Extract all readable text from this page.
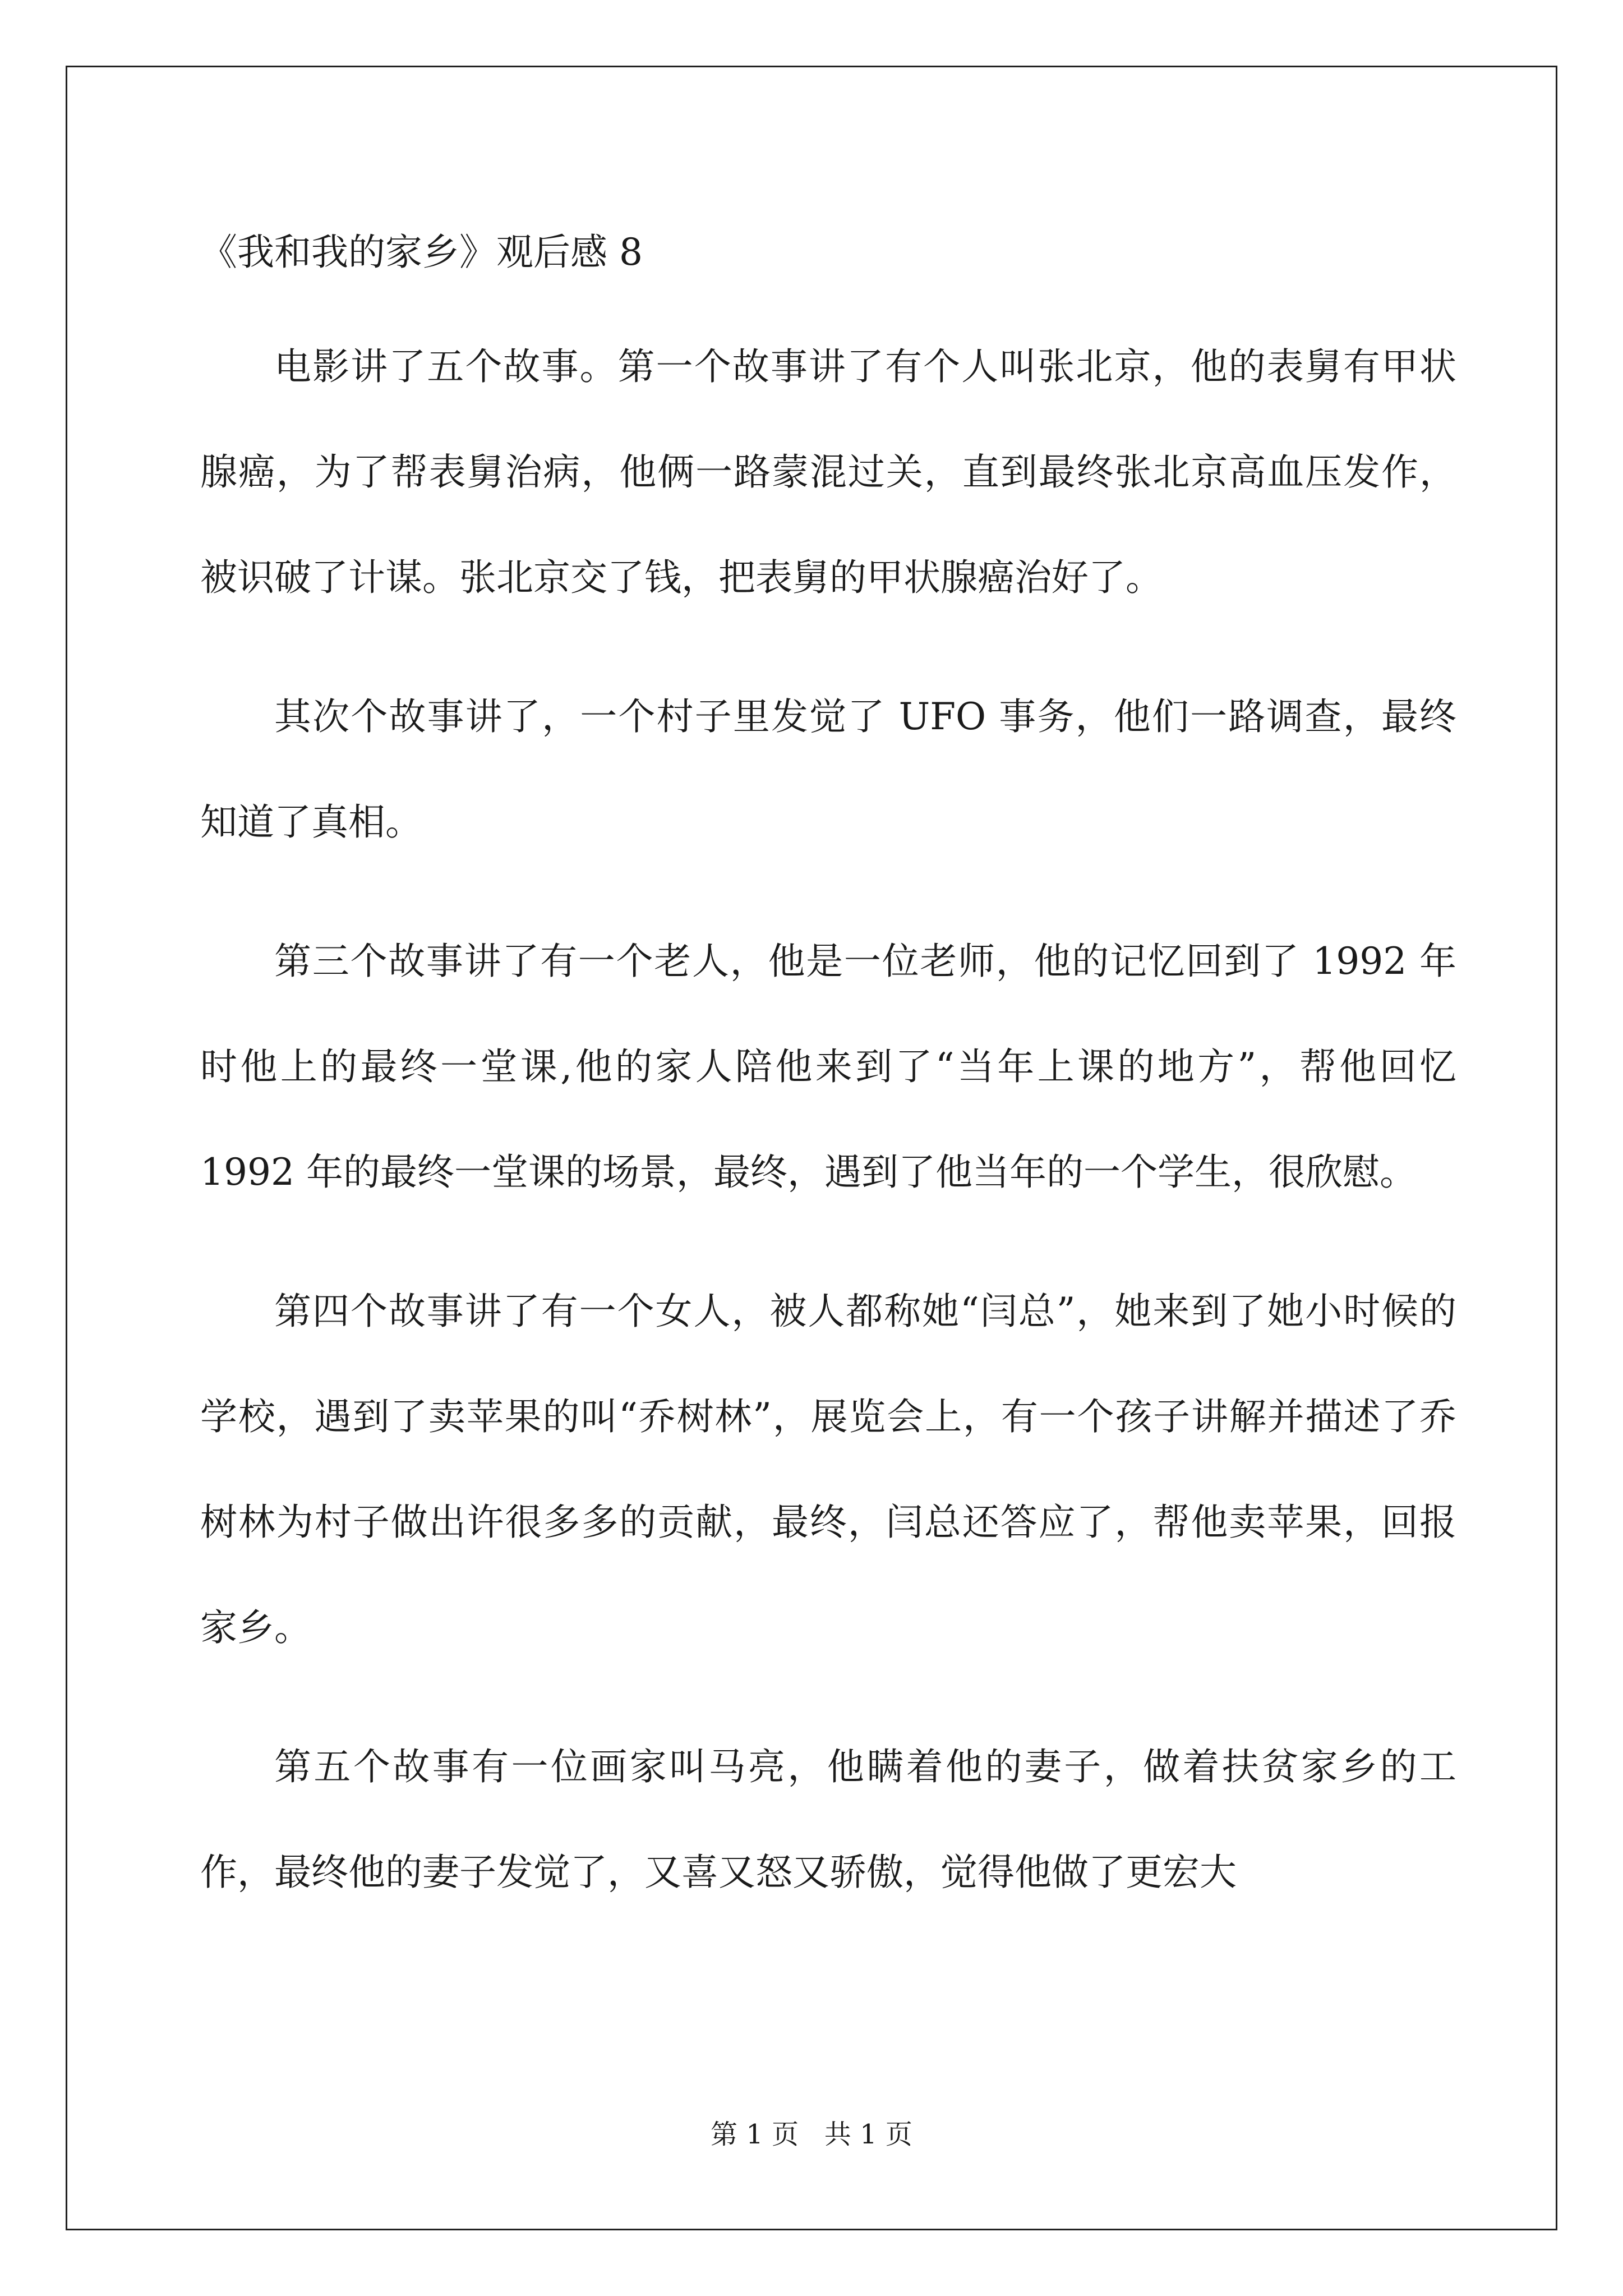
《我和我的家乡》观后感 8

电影讲了五个故事。第一个故事讲了有个人叫张北京，他的表舅有甲状腺癌，为了帮表舅治病，他俩一路蒙混过关，直到最终张北京高血压发作，被识破了计谋。张北京交了钱，把表舅的甲状腺癌治好了。

其次个故事讲了，一个村子里发觉了 UFO 事务，他们一路调查，最终知道了真相。

第三个故事讲了有一个老人，他是一位老师，他的记忆回到了 1992 年时他上的最终一堂课,他的家人陪他来到了“当年上课的地方”，帮他回忆 1992 年的最终一堂课的场景，最终，遇到了他当年的一个学生，很欣慰。

第四个故事讲了有一个女人，被人都称她“闫总”，她来到了她小时候的学校，遇到了卖苹果的叫“乔树林”，展览会上，有一个孩子讲解并描述了乔树林为村子做出许很多多的贡献，最终，闫总还答应了，帮他卖苹果，回报家乡。

第五个故事有一位画家叫马亮，他瞒着他的妻子，做着扶贫家乡的工作，最终他的妻子发觉了，又喜又怒又骄傲，觉得他做了更宏大

第 1 页   共 1 页
